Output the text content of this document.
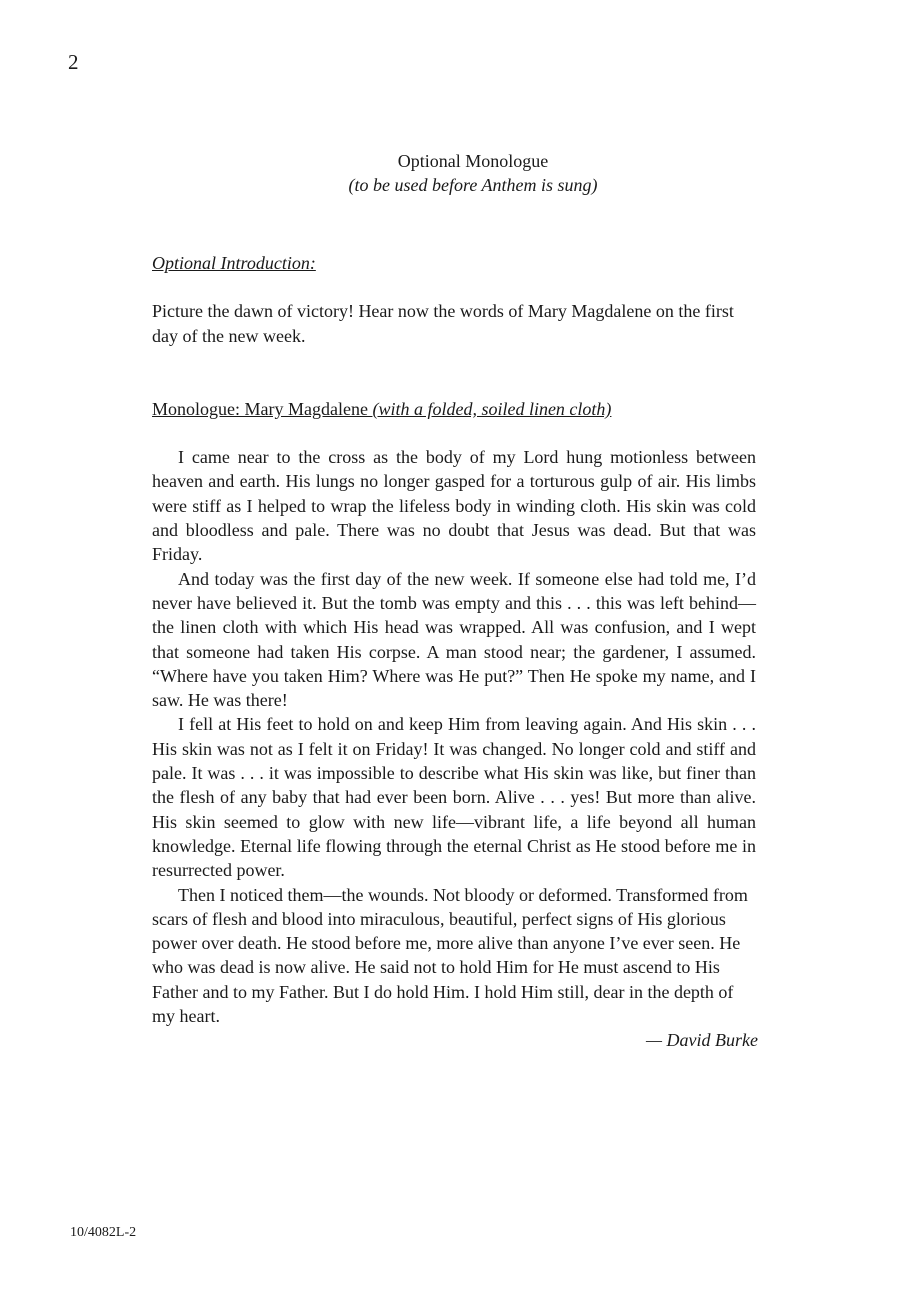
2
Optional Monologue
(to be used before Anthem is sung)

Optional Introduction:

Picture the dawn of victory! Hear now the words of Mary Magdalene on the first day of the new week.

Monologue: Mary Magdalene (with a folded, soiled linen cloth)

I came near to the cross as the body of my Lord hung motionless between heaven and earth. His lungs no longer gasped for a torturous gulp of air. His limbs were stiff as I helped to wrap the lifeless body in winding cloth. His skin was cold and bloodless and pale. There was no doubt that Jesus was dead. But that was Friday.

And today was the first day of the new week. If someone else had told me, I’d never have believed it. But the tomb was empty and this . . . this was left behind—the linen cloth with which His head was wrapped. All was confusion, and I wept that someone had taken His corpse. A man stood near; the gardener, I assumed. “Where have you taken Him? Where was He put?” Then He spoke my name, and I saw. He was there!

I fell at His feet to hold on and keep Him from leaving again. And His skin . . . His skin was not as I felt it on Friday! It was changed. No longer cold and stiff and pale. It was . . . it was impossible to describe what His skin was like, but finer than the flesh of any baby that had ever been born. Alive . . . yes! But more than alive. His skin seemed to glow with new life—vibrant life, a life beyond all human knowledge. Eternal life flowing through the eternal Christ as He stood before me in resurrected power.

Then I noticed them—the wounds. Not bloody or deformed. Transformed from scars of flesh and blood into miraculous, beautiful, perfect signs of His glorious power over death. He stood before me, more alive than anyone I’ve ever seen. He who was dead is now alive. He said not to hold Him for He must ascend to His Father and to my Father. But I do hold Him. I hold Him still, dear in the depth of my heart.

— David Burke

10/4082L-2
